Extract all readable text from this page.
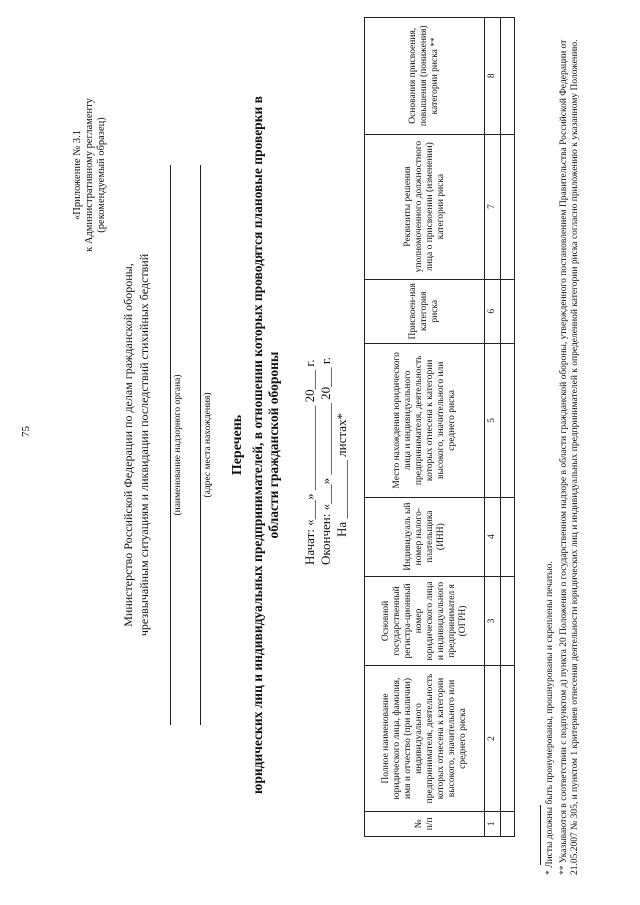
75
«Приложение № 3.1 к Административному регламенту (рекомендуемый образец)
Министерство Российской Федерации по делам гражданской обороны, чрезвычайным ситуациям и ликвидации последствий стихийных бедствий (наименование надзорного органа) (адрес места нахождения) Перечень юридических лиц и индивидуальных предпринимателей, в отношении которых проводятся плановые проверки в области гражданской обороны Начат: «___» _____________ 20___ г. Окончен: «___» ___________ 20___ г. На _________ листах*
№ п/п	Полное наименование юридического лица, фамилия, имя и отчество (при наличии) индивидуального предпринимателя, деятельность которых отнесена к категории высокого, значительного или среднего риска	Основной государственный регистра-ционный номер юридического лица и индивидуального предпринимател я (ОГРН)	Индивидуаль ый номер налого-плательщика (ИНН)	Место нахождения юридического лица и индивидуального предпринимателя, деятельность которых отнесена к категории высокого, значительного или среднего риска	Присвоен-ная категория риска	Реквизиты решения уполномоченного должностного лица о присвоении (изменении) категории риска	Основания присвоения, повышения (понижения) категории риска **
1	2	3	4	5	6	7	8

* Листы должны быть пронумерованы, прошнурованы и скреплены печатью. ** Указываются в соответствии с подпунктом д) пункта 20 Положения о государственном надзоре в области гражданской обороны, утвержденного постановлением Правительства Российской Федерации от 21.05.2007 № 305, и пунктом 1 критериев отнесения деятельности юридических лиц и индивидуальных предпринимателей к определенной категории риска согласно приложению к указанному Положению.
